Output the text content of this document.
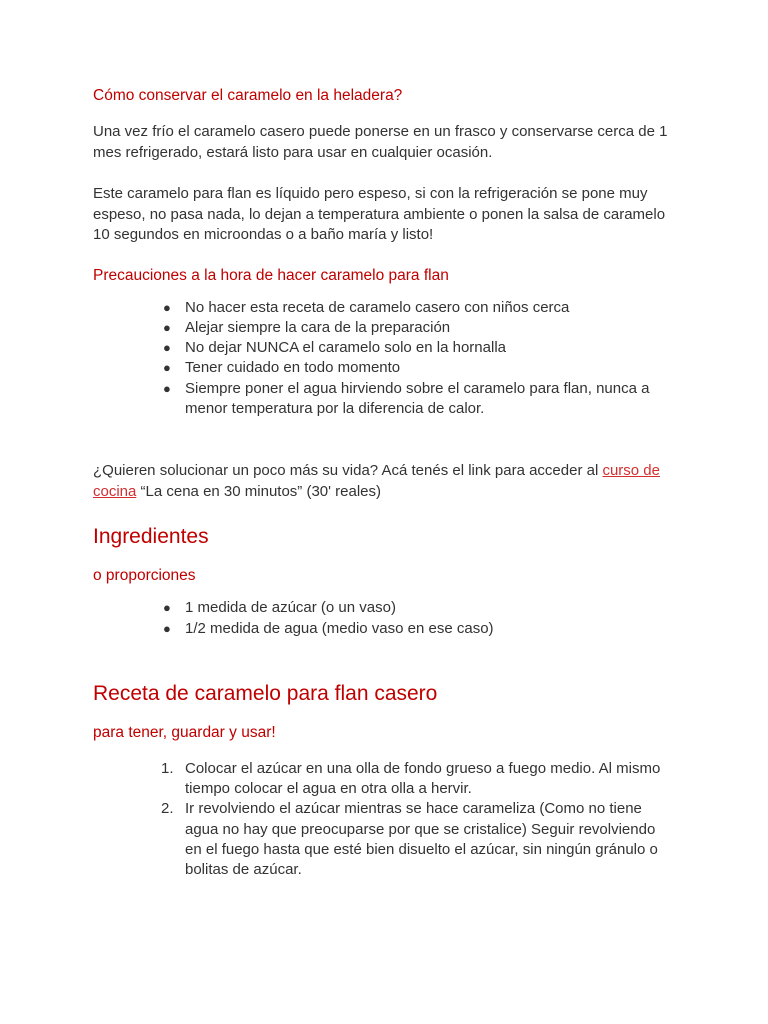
Cómo conservar el caramelo en la heladera?

Una vez frío el caramelo casero puede ponerse en un frasco y conservarse cerca de 1 mes refrigerado, estará listo para usar en cualquier ocasión.

Este caramelo para flan es líquido pero espeso, si con la refrigeración se pone muy espeso, no pasa nada, lo dejan a temperatura ambiente o ponen la salsa de caramelo 10 segundos en microondas o a baño maría y listo!

Precauciones a la hora de hacer caramelo para flan
● No hacer esta receta de caramelo casero con niños cerca
● Alejar siempre la cara de la preparación
● No dejar NUNCA el caramelo solo en la hornalla
● Tener cuidado en todo momento
● Siempre poner el agua hirviendo sobre el caramelo para flan, nunca a menor temperatura por la diferencia de calor.

¿Quieren solucionar un poco más su vida? Acá tenés el link para acceder al curso de cocina “La cena en 30 minutos” (30' reales)

Ingredientes
o proporciones
● 1 medida de azúcar (o un vaso)
● 1/2 medida de agua (medio vaso en ese caso)
Receta de caramelo para flan casero
para tener, guardar y usar!
1. Colocar el azúcar en una olla de fondo grueso a fuego medio. Al mismo tiempo colocar el agua en otra olla a hervir.
2. Ir revolviendo el azúcar mientras se hace carameliza (Como no tiene agua no hay que preocuparse por que se cristalice) Seguir revolviendo en el fuego hasta que esté bien disuelto el azúcar, sin ningún gránulo o bolitas de azúcar.
